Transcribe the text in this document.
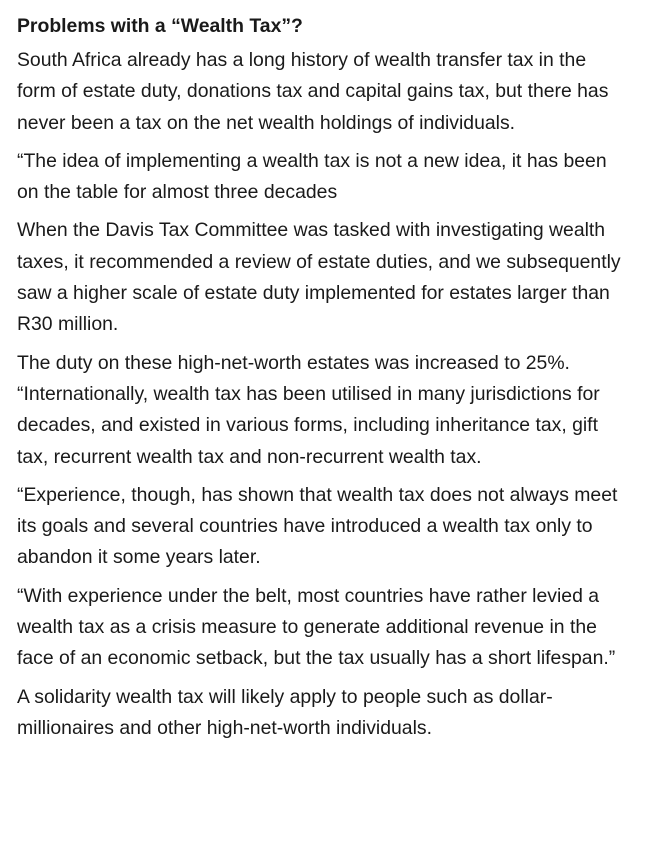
Problems with a “Wealth Tax”?

South Africa already has a long history of wealth transfer tax in the form of estate duty, donations tax and capital gains tax, but there has never been a tax on the net wealth holdings of individuals.

“The idea of implementing a wealth tax is not a new idea, it has been on the table for almost three decades

When the Davis Tax Committee was tasked with investigating wealth taxes, it recommended a review of estate duties, and we subsequently saw a higher scale of estate duty implemented for estates larger than R30 million.

The duty on these high-net-worth estates was increased to 25%. “Internationally, wealth tax has been utilised in many jurisdictions for decades, and existed in various forms, including inheritance tax, gift tax, recurrent wealth tax and non-recurrent wealth tax.

“Experience, though, has shown that wealth tax does not always meet its goals and several countries have introduced a wealth tax only to abandon it some years later.

“With experience under the belt, most countries have rather levied a wealth tax as a crisis measure to generate additional revenue in the face of an economic setback, but the tax usually has a short lifespan.”

A solidarity wealth tax will likely apply to people such as dollar-millionaires and other high-net-worth individuals.
